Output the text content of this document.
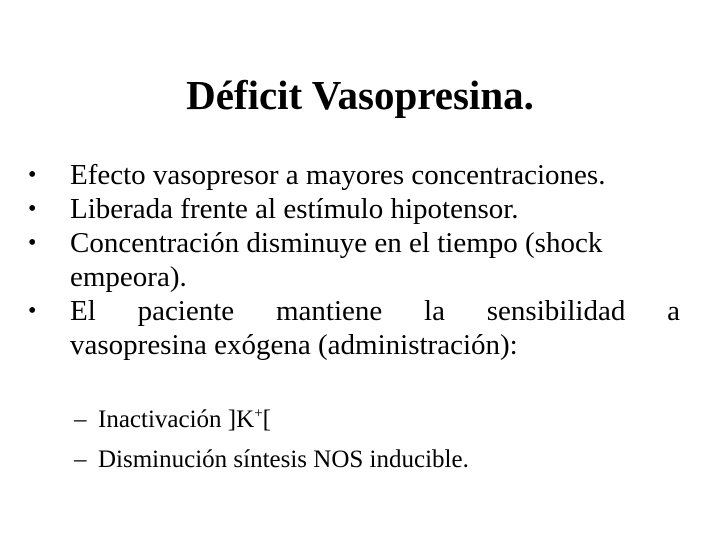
Déficit Vasopresina.
•	Efecto vasopresor a mayores concentraciones.
•	Liberada frente al estímulo hipotensor.
•	Concentración disminuye en el tiempo (shock empeora).
•	El paciente mantiene la sensibilidad a
vasopresina exógena (administración):
– Inactivación ]K+[
– Disminución síntesis NOS inducible.
